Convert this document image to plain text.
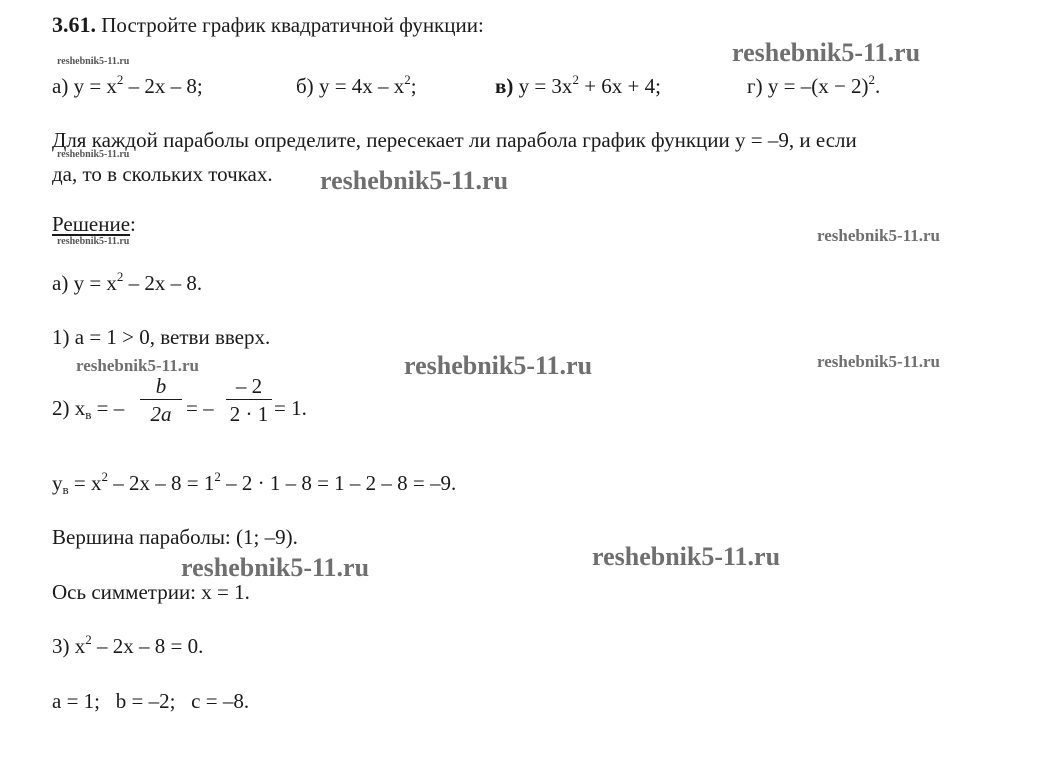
3.61. Постройте график квадратичной функции:
а) $y = x^2 - 2x - 8$;	б) $y = 4x - x^2$;	в) $y = 3x^2 + 6x + 4$;	г) $y = -(x - 2)^2$.
Для каждой параболы определите, пересекает ли парабола график функции y = –9, и если
да, то в скольких точках.
Решение:
а) $y = x^2 - 2x - 8$.
1) a = 1 > 0, ветви вверх.
2) $x_в$ = –
b
2a = –
– 2
2 · 1 = 1.
$y_в = x^2 - 2x - 8 = 1^2 - 2 \cdot 1 - 8 = 1 - 2 - 8 = -9$.
Вершина параболы: (1; –9).
Ось симметрии: x = 1.
3) $x^2 - 2x - 8 = 0$.
a = 1;   b = –2;   c = –8.
reshebnik5-11.ru	reshebnik5-11.ru
reshebnik5-11.ru
reshebnik5-11.ru
reshebnik5-11.ru	reshebnik5-11.ru
reshebnik5-11.ru	reshebnik5-11.ru	reshebnik5-11.ru
reshebnik5-11.ru
reshebnik5-11.ru
